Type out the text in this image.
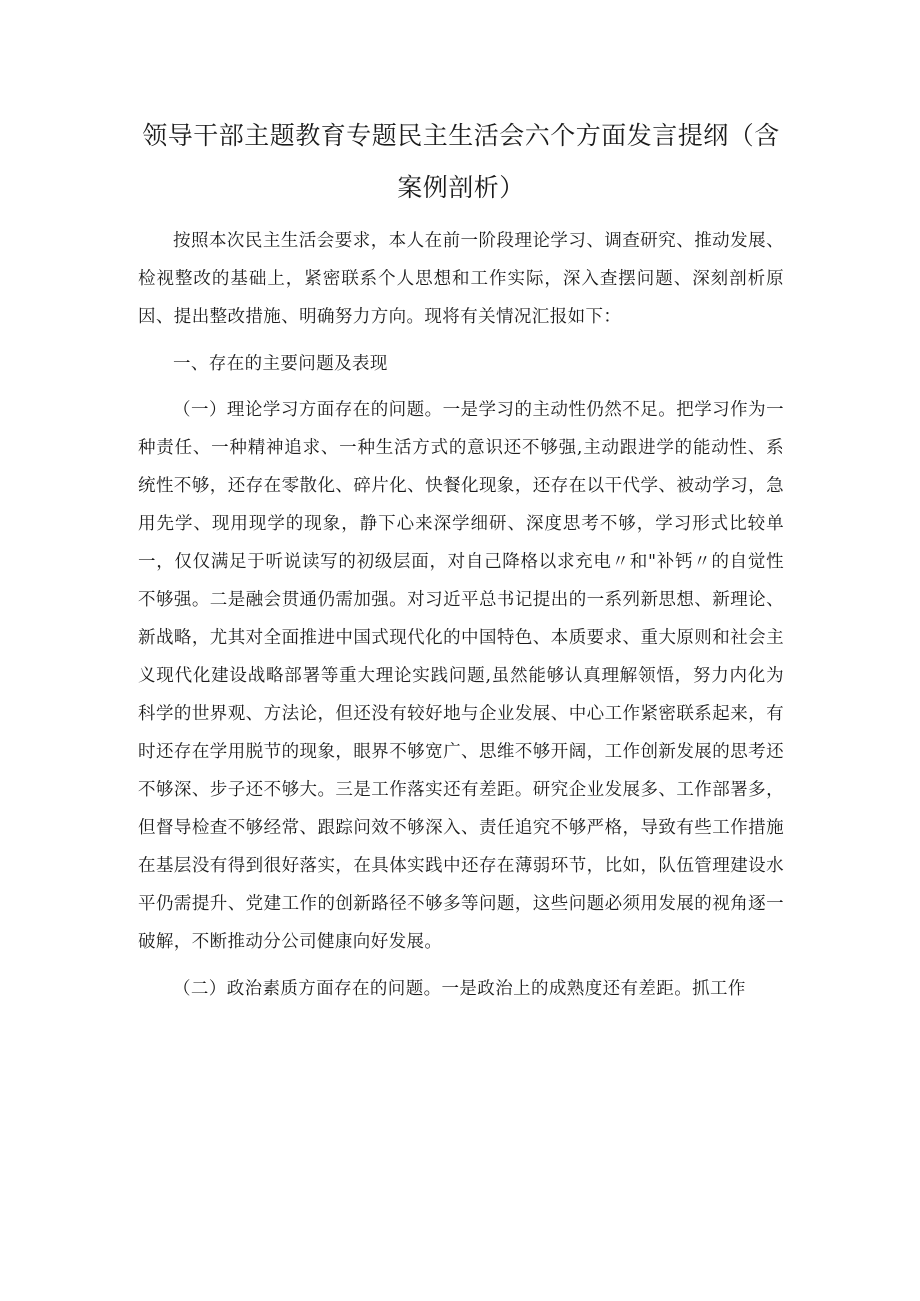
领导干部主题教育专题民主生活会六个方面发言提纲（含案例剖析）

按照本次民主生活会要求，本人在前一阶段理论学习、调查研究、推动发展、检视整改的基础上，紧密联系个人思想和工作实际，深入查摆问题、深刻剖析原因、提出整改措施、明确努力方向。现将有关情况汇报如下：

一、存在的主要问题及表现

（一）理论学习方面存在的问题。一是学习的主动性仍然不足。把学习作为一种责任、一种精神追求、一种生活方式的意识还不够强,主动跟进学的能动性、系统性不够，还存在零散化、碎片化、快餐化现象，还存在以干代学、被动学习，急用先学、现用现学的现象，静下心来深学细研、深度思考不够，学习形式比较单一，仅仅满足于听说读写的初级层面，对自己降格以求充电〃和"补钙〃的自觉性不够强。二是融会贯通仍需加强。对习近平总书记提出的一系列新思想、新理论、新战略，尤其对全面推进中国式现代化的中国特色、本质要求、重大原则和社会主义现代化建设战略部署等重大理论实践问题,虽然能够认真理解领悟，努力内化为科学的世界观、方法论，但还没有较好地与企业发展、中心工作紧密联系起来，有时还存在学用脱节的现象，眼界不够宽广、思维不够开阔，工作创新发展的思考还不够深、步子还不够大。三是工作落实还有差距。研究企业发展多、工作部署多，但督导检查不够经常、跟踪问效不够深入、责任追究不够严格，导致有些工作措施在基层没有得到很好落实，在具体实践中还存在薄弱环节，比如，队伍管理建设水平仍需提升、党建工作的创新路径不够多等问题，这些问题必须用发展的视角逐一破解，不断推动分公司健康向好发展。

（二）政治素质方面存在的问题。一是政治上的成熟度还有差距。抓工作
